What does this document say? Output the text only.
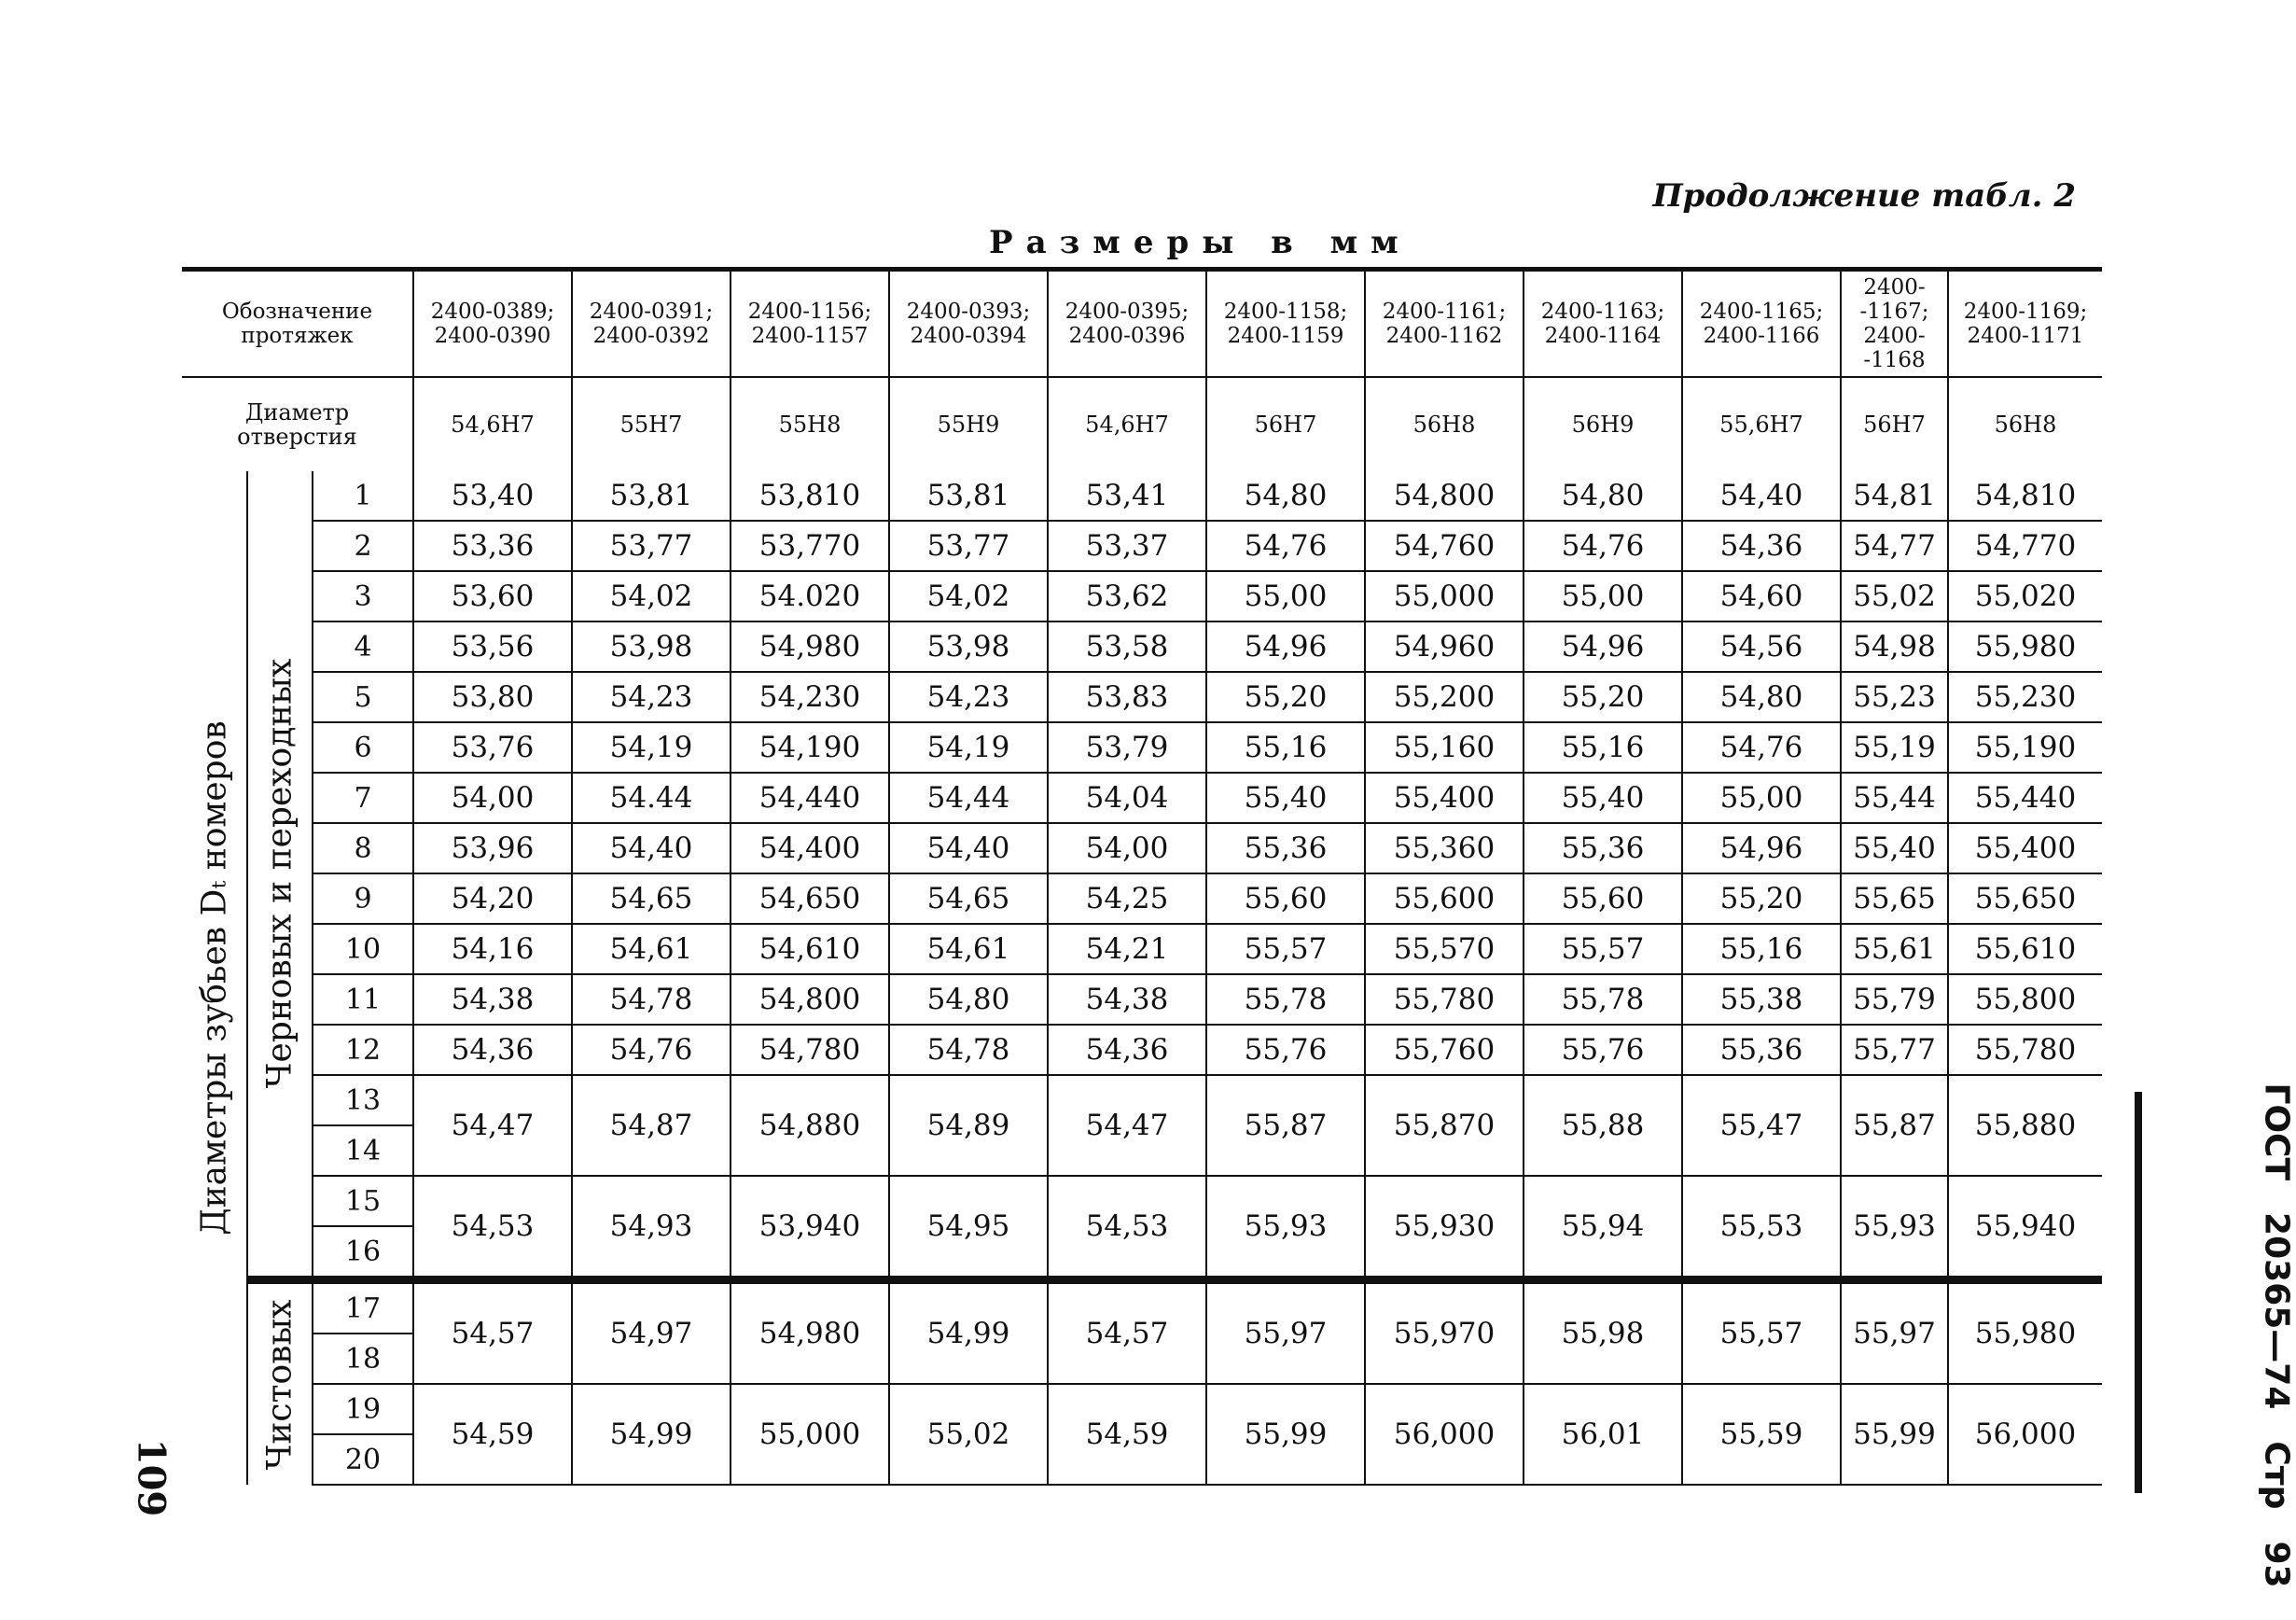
Продолжение табл. 2
Размеры в мм
109
ГОСТ20365—74Стр93
Обозначение протяжек			2400-0389; 2400-0390	2400-0391; 2400-0392	2400-1156; 2400-1157	2400-0393; 2400-0394	2400-0395; 2400-0396	2400-1158; 2400-1159	2400-1161; 2400-1162	2400-1163; 2400-1164	2400-1165; 2400-1166	2400- -1167; 2400- -1168	2400-1169; 2400-1171
Диаметр отверстия			54,6H7	55H7	55H8	55H9	54,6H7	56H7	56H8	56H9	55,6H7	56H7	56H8

Диаметры зубьев Dₜ номеров	Черновых и переходных	1	53,40	53,81	53,810	53,81	53,41	54,80	54,800	54,80	54,40	54,81	54,810
		2	53,36	53,77	53,770	53,77	53,37	54,76	54,760	54,76	54,36	54,77	54,770
		3	53,60	54,02	54.020	54,02	53,62	55,00	55,000	55,00	54,60	55,02	55,020
		4	53,56	53,98	54,980	53,98	53,58	54,96	54,960	54,96	54,56	54,98	55,980
		5	53,80	54,23	54,230	54,23	53,83	55,20	55,200	55,20	54,80	55,23	55,230
		6	53,76	54,19	54,190	54,19	53,79	55,16	55,160	55,16	54,76	55,19	55,190
		7	54,00	54.44	54,440	54,44	54,04	55,40	55,400	55,40	55,00	55,44	55,440
		8	53,96	54,40	54,400	54,40	54,00	55,36	55,360	55,36	54,96	55,40	55,400
		9	54,20	54,65	54,650	54,65	54,25	55,60	55,600	55,60	55,20	55,65	55,650
		10	54,16	54,61	54,610	54,61	54,21	55,57	55,570	55,57	55,16	55,61	55,610
		11	54,38	54,78	54,800	54,80	54,38	55,78	55,780	55,78	55,38	55,79	55,800
		12	54,36	54,76	54,780	54,78	54,36	55,76	55,760	55,76	55,36	55,77	55,780
		13	54,47	54,87	54,880	54,89	54,47	55,87	55,870	55,88	55,47	55,87	55,880
		14											
		15	54,53	54,93	53,940	54,95	54,53	55,93	55,930	55,94	55,53	55,93	55,940
		16											

	Чистовых	17	54,57	54,97	54,980	54,99	54,57	55,97	55,970	55,98	55,57	55,97	55,980
		18											
		19	54,59	54,99	55,000	55,02	54,59	55,99	56,000	56,01	55,59	55,99	56,000
		20											
